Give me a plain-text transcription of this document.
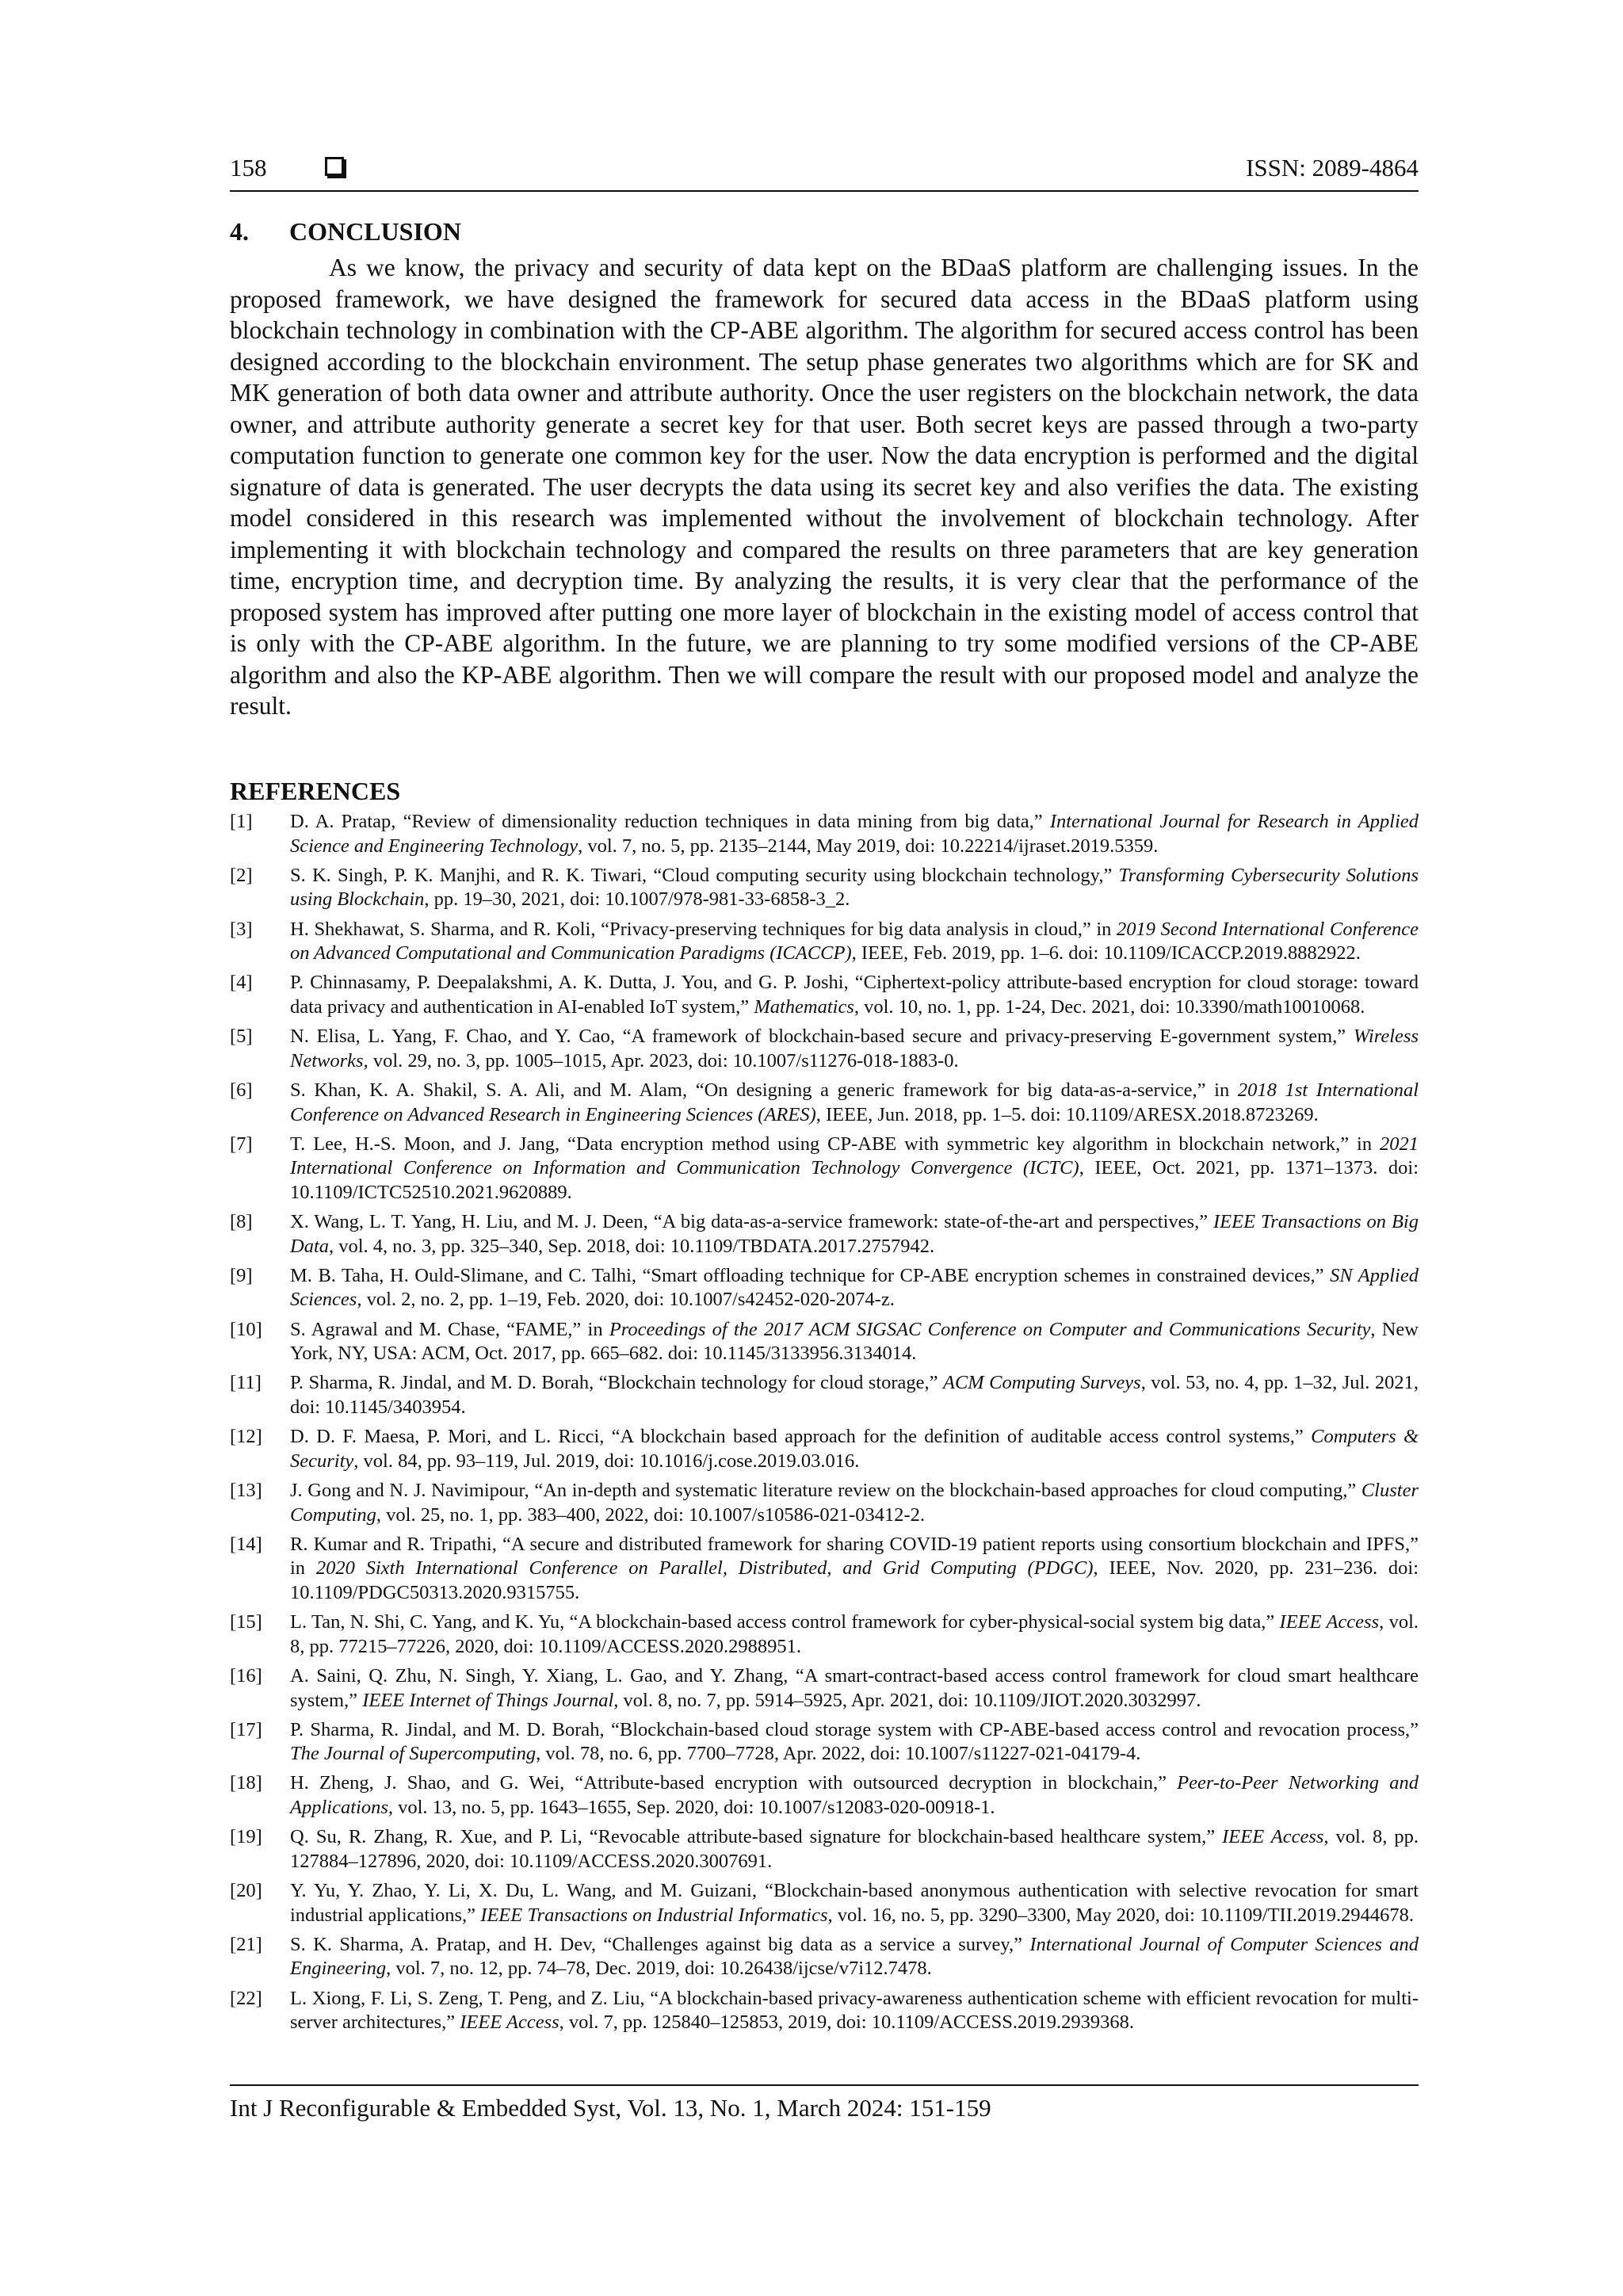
158	ISSN: 2089-4864
4. CONCLUSION

As we know, the privacy and security of data kept on the BDaaS platform are challenging issues. In the proposed framework, we have designed the framework for secured data access in the BDaaS platform using blockchain technology in combination with the CP-ABE algorithm. The algorithm for secured access control has been designed according to the blockchain environment. The setup phase generates two algorithms which are for SK and MK generation of both data owner and attribute authority. Once the user registers on the blockchain network, the data owner, and attribute authority generate a secret key for that user. Both secret keys are passed through a two-party computation function to generate one common key for the user. Now the data encryption is performed and the digital signature of data is generated. The user decrypts the data using its secret key and also verifies the data. The existing model considered in this research was implemented without the involvement of blockchain technology. After implementing it with blockchain technology and compared the results on three parameters that are key generation time, encryption time, and decryption time. By analyzing the results, it is very clear that the performance of the proposed system has improved after putting one more layer of blockchain in the existing model of access control that is only with the CP-ABE algorithm. In the future, we are planning to try some modified versions of the CP-ABE algorithm and also the KP-ABE algorithm. Then we will compare the result with our proposed model and analyze the result.

REFERENCES
[1] D. A. Pratap, “Review of dimensionality reduction techniques in data mining from big data,” International Journal for Research in Applied Science and Engineering Technology, vol. 7, no. 5, pp. 2135–2144, May 2019, doi: 10.22214/ijraset.2019.5359.
[2] S. K. Singh, P. K. Manjhi, and R. K. Tiwari, “Cloud computing security using blockchain technology,” Transforming Cybersecurity Solutions using Blockchain, pp. 19–30, 2021, doi: 10.1007/978-981-33-6858-3_2.
[3] H. Shekhawat, S. Sharma, and R. Koli, “Privacy-preserving techniques for big data analysis in cloud,” in 2019 Second International Conference on Advanced Computational and Communication Paradigms (ICACCP), IEEE, Feb. 2019, pp. 1–6. doi: 10.1109/ICACCP.2019.8882922.
[4] P. Chinnasamy, P. Deepalakshmi, A. K. Dutta, J. You, and G. P. Joshi, “Ciphertext-policy attribute-based encryption for cloud storage: toward data privacy and authentication in AI-enabled IoT system,” Mathematics, vol. 10, no. 1, pp. 1-24, Dec. 2021, doi: 10.3390/math10010068.
[5] N. Elisa, L. Yang, F. Chao, and Y. Cao, “A framework of blockchain-based secure and privacy-preserving E-government system,” Wireless Networks, vol. 29, no. 3, pp. 1005–1015, Apr. 2023, doi: 10.1007/s11276-018-1883-0.
[6] S. Khan, K. A. Shakil, S. A. Ali, and M. Alam, “On designing a generic framework for big data-as-a-service,” in 2018 1st International Conference on Advanced Research in Engineering Sciences (ARES), IEEE, Jun. 2018, pp. 1–5. doi: 10.1109/ARESX.2018.8723269.
[7] T. Lee, H.-S. Moon, and J. Jang, “Data encryption method using CP-ABE with symmetric key algorithm in blockchain network,” in 2021 International Conference on Information and Communication Technology Convergence (ICTC), IEEE, Oct. 2021, pp. 1371–1373. doi: 10.1109/ICTC52510.2021.9620889.
[8] X. Wang, L. T. Yang, H. Liu, and M. J. Deen, “A big data-as-a-service framework: state-of-the-art and perspectives,” IEEE Transactions on Big Data, vol. 4, no. 3, pp. 325–340, Sep. 2018, doi: 10.1109/TBDATA.2017.2757942.
[9] M. B. Taha, H. Ould-Slimane, and C. Talhi, “Smart offloading technique for CP-ABE encryption schemes in constrained devices,” SN Applied Sciences, vol. 2, no. 2, pp. 1–19, Feb. 2020, doi: 10.1007/s42452-020-2074-z.
[10] S. Agrawal and M. Chase, “FAME,” in Proceedings of the 2017 ACM SIGSAC Conference on Computer and Communications Security, New York, NY, USA: ACM, Oct. 2017, pp. 665–682. doi: 10.1145/3133956.3134014.
[11] P. Sharma, R. Jindal, and M. D. Borah, “Blockchain technology for cloud storage,” ACM Computing Surveys, vol. 53, no. 4, pp. 1–32, Jul. 2021, doi: 10.1145/3403954.
[12] D. D. F. Maesa, P. Mori, and L. Ricci, “A blockchain based approach for the definition of auditable access control systems,” Computers & Security, vol. 84, pp. 93–119, Jul. 2019, doi: 10.1016/j.cose.2019.03.016.
[13] J. Gong and N. J. Navimipour, “An in-depth and systematic literature review on the blockchain-based approaches for cloud computing,” Cluster Computing, vol. 25, no. 1, pp. 383–400, 2022, doi: 10.1007/s10586-021-03412-2.
[14] R. Kumar and R. Tripathi, “A secure and distributed framework for sharing COVID-19 patient reports using consortium blockchain and IPFS,” in 2020 Sixth International Conference on Parallel, Distributed, and Grid Computing (PDGC), IEEE, Nov. 2020, pp. 231–236. doi: 10.1109/PDGC50313.2020.9315755.
[15] L. Tan, N. Shi, C. Yang, and K. Yu, “A blockchain-based access control framework for cyber-physical-social system big data,” IEEE Access, vol. 8, pp. 77215–77226, 2020, doi: 10.1109/ACCESS.2020.2988951.
[16] A. Saini, Q. Zhu, N. Singh, Y. Xiang, L. Gao, and Y. Zhang, “A smart-contract-based access control framework for cloud smart healthcare system,” IEEE Internet of Things Journal, vol. 8, no. 7, pp. 5914–5925, Apr. 2021, doi: 10.1109/JIOT.2020.3032997.
[17] P. Sharma, R. Jindal, and M. D. Borah, “Blockchain-based cloud storage system with CP-ABE-based access control and revocation process,” The Journal of Supercomputing, vol. 78, no. 6, pp. 7700–7728, Apr. 2022, doi: 10.1007/s11227-021-04179-4.
[18] H. Zheng, J. Shao, and G. Wei, “Attribute-based encryption with outsourced decryption in blockchain,” Peer-to-Peer Networking and Applications, vol. 13, no. 5, pp. 1643–1655, Sep. 2020, doi: 10.1007/s12083-020-00918-1.
[19] Q. Su, R. Zhang, R. Xue, and P. Li, “Revocable attribute-based signature for blockchain-based healthcare system,” IEEE Access, vol. 8, pp. 127884–127896, 2020, doi: 10.1109/ACCESS.2020.3007691.
[20] Y. Yu, Y. Zhao, Y. Li, X. Du, L. Wang, and M. Guizani, “Blockchain-based anonymous authentication with selective revocation for smart industrial applications,” IEEE Transactions on Industrial Informatics, vol. 16, no. 5, pp. 3290–3300, May 2020, doi: 10.1109/TII.2019.2944678.
[21] S. K. Sharma, A. Pratap, and H. Dev, “Challenges against big data as a service a survey,” International Journal of Computer Sciences and Engineering, vol. 7, no. 12, pp. 74–78, Dec. 2019, doi: 10.26438/ijcse/v7i12.7478.
[22] L. Xiong, F. Li, S. Zeng, T. Peng, and Z. Liu, “A blockchain-based privacy-awareness authentication scheme with efficient revocation for multi-server architectures,” IEEE Access, vol. 7, pp. 125840–125853, 2019, doi: 10.1109/ACCESS.2019.2939368.
Int J Reconfigurable & Embedded Syst, Vol. 13, No. 1, March 2024: 151-159
